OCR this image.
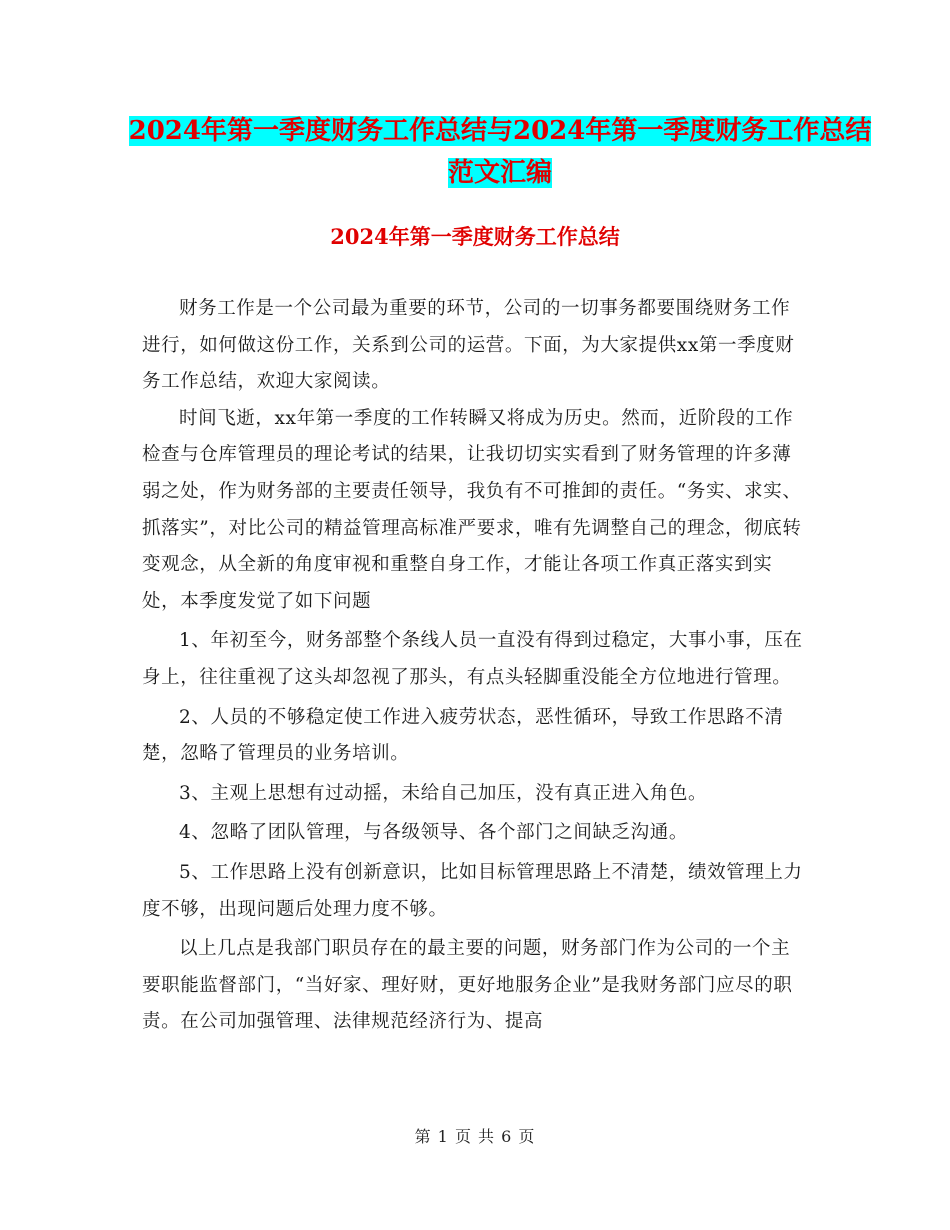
2024年第一季度财务工作总结与2024年第一季度财务工作总结范文汇编
2024年第一季度财务工作总结

财务工作是一个公司最为重要的环节，公司的一切事务都要围绕财务工作进行，如何做这份工作，关系到公司的运营。下面，为大家提供xx第一季度财务工作总结，欢迎大家阅读。

时间飞逝，xx年第一季度的工作转瞬又将成为历史。然而，近阶段的工作检查与仓库管理员的理论考试的结果，让我切切实实看到了财务管理的许多薄弱之处，作为财务部的主要责任领导，我负有不可推卸的责任。“务实、求实、抓落实”，对比公司的精益管理高标准严要求，唯有先调整自己的理念，彻底转变观念，从全新的角度审视和重整自身工作，才能让各项工作真正落实到实处，本季度发觉了如下问题

1、年初至今，财务部整个条线人员一直没有得到过稳定，大事小事，压在身上，往往重视了这头却忽视了那头，有点头轻脚重没能全方位地进行管理。

2、人员的不够稳定使工作进入疲劳状态，恶性循环，导致工作思路不清楚，忽略了管理员的业务培训。

3、主观上思想有过动摇，未给自己加压，没有真正进入角色。

4、忽略了团队管理，与各级领导、各个部门之间缺乏沟通。

5、工作思路上没有创新意识，比如目标管理思路上不清楚，绩效管理上力度不够，出现问题后处理力度不够。

以上几点是我部门职员存在的最主要的问题，财务部门作为公司的一个主要职能监督部门，“当好家、理好财，更好地服务企业”是我财务部门应尽的职责。在公司加强管理、法律规范经济行为、提高

第 1 页 共 6 页
